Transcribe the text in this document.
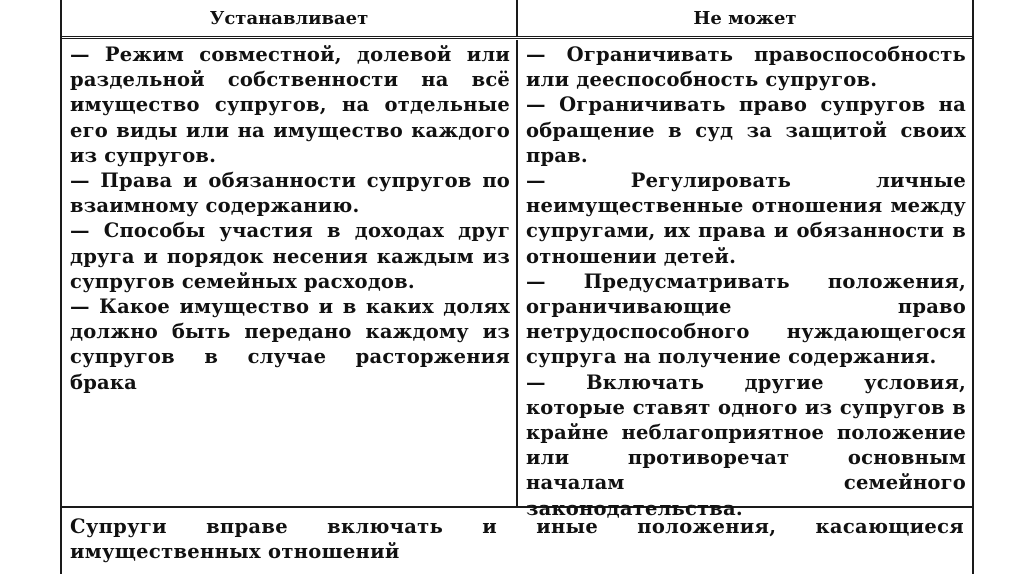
Устанавливает	Не может

— Режим совместной, долевой или раздельной собственности на всё имущество супругов, на отдельные его виды или на имущество каждого из супругов.

— Права и обязанности супругов по взаимному содержанию.

— Способы участия в доходах друг друга и порядок несения каждым из супругов семейных расходов.

— Какое имущество и в каких долях должно быть передано каждому из супругов в случае расторжения брака

— Ограничивать правоспособность или дееспособность супругов.

— Ограничивать право супругов на обращение в суд за защитой своих прав.

— Регулировать личные неимущественные отношения между супругами, их права и обязанности в отношении детей.

— Предусматривать положения, ограничивающие право нетрудоспособного нуждающегося супруга на получение содержания.

— Включать другие условия, которые ставят одного из супругов в крайне неблагоприятное положение или противоречат основным началам семейного законодательства.

Супруги вправе включать и иные положения, касающиеся имущественных отношений
